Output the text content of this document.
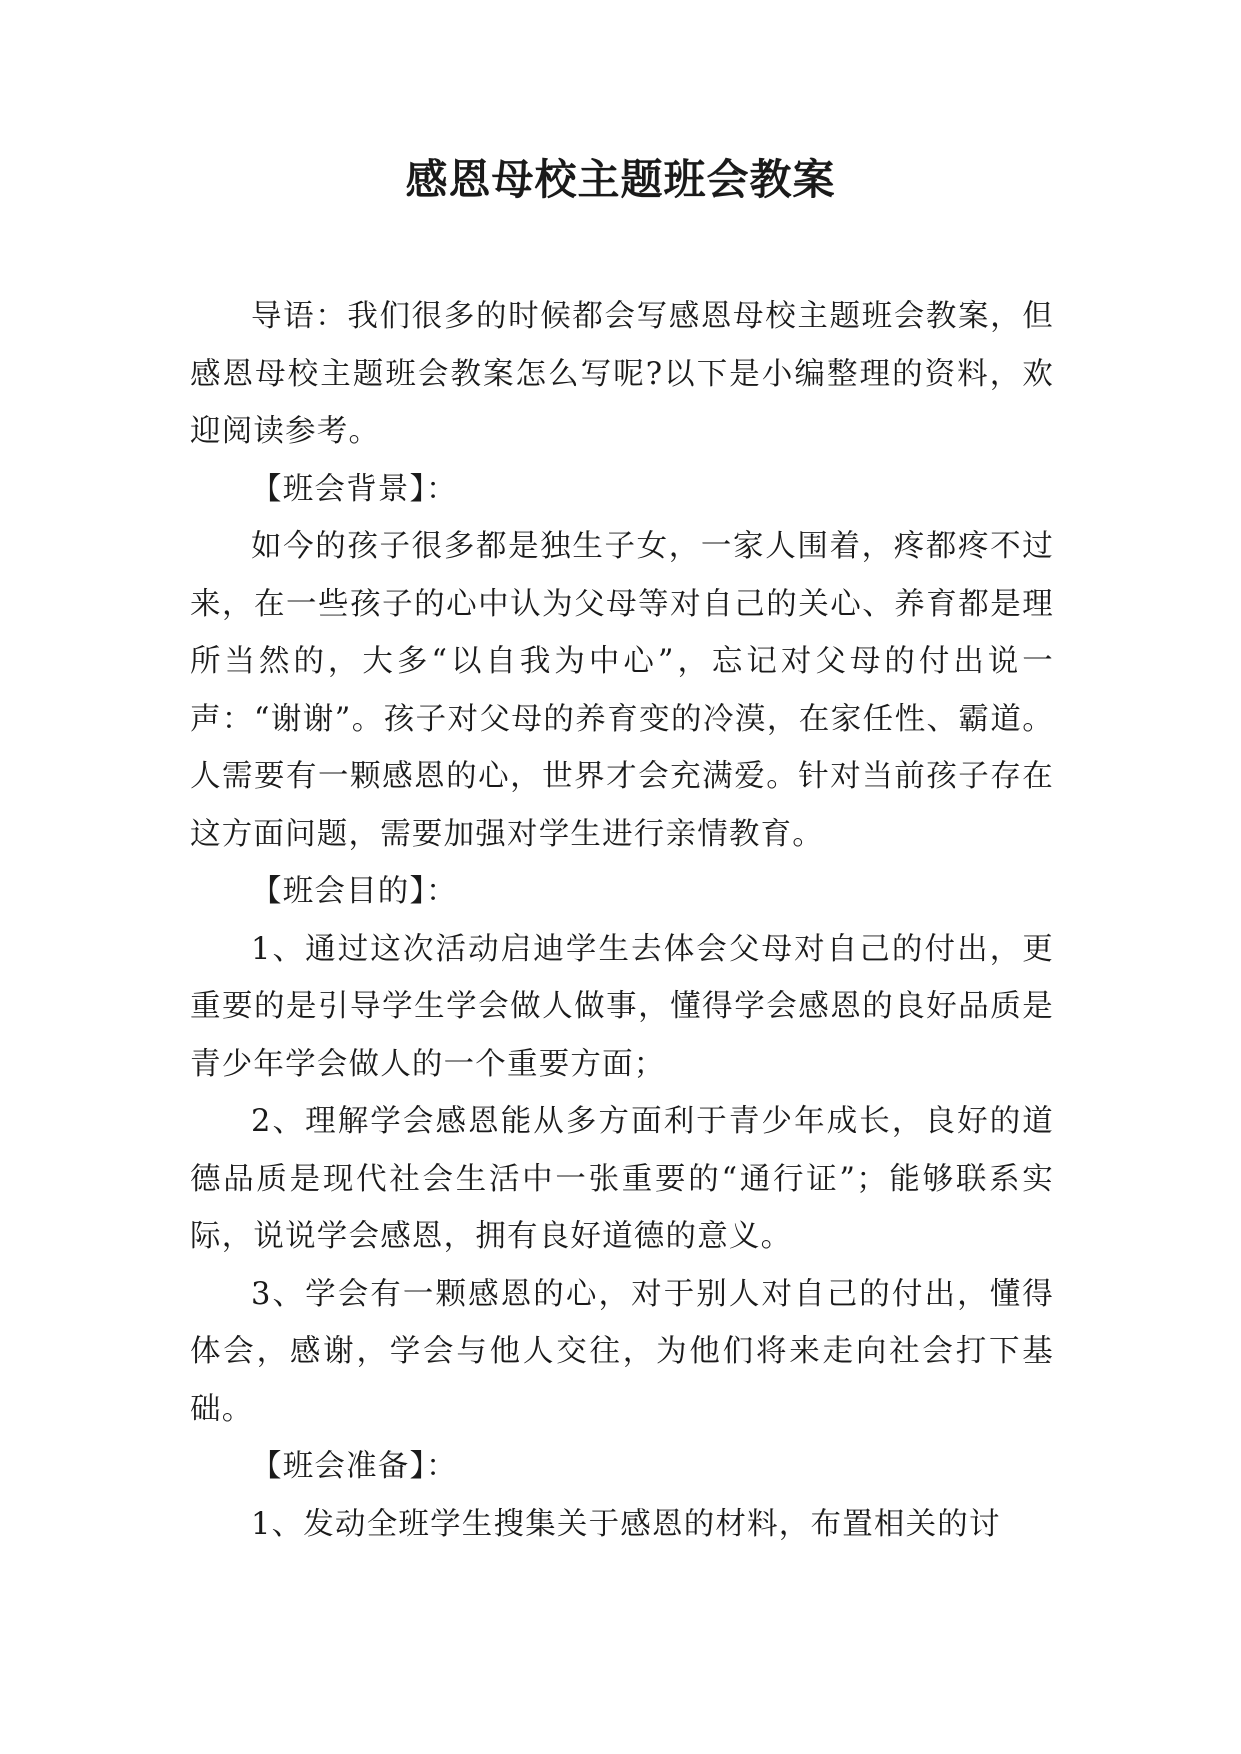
感恩母校主题班会教案

导语：我们很多的时候都会写感恩母校主题班会教案，但感恩母校主题班会教案怎么写呢?以下是小编整理的资料，欢迎阅读参考。

【班会背景】：

如今的孩子很多都是独生子女，一家人围着，疼都疼不过来，在一些孩子的心中认为父母等对自己的关心、养育都是理所当然的，大多“以自我为中心”，忘记对父母的付出说一声：“谢谢”。孩子对父母的养育变的冷漠，在家任性、霸道。人需要有一颗感恩的心，世界才会充满爱。针对当前孩子存在这方面问题，需要加强对学生进行亲情教育。

【班会目的】：

1、通过这次活动启迪学生去体会父母对自己的付出，更重要的是引导学生学会做人做事，懂得学会感恩的良好品质是青少年学会做人的一个重要方面；

2、理解学会感恩能从多方面利于青少年成长，良好的道德品质是现代社会生活中一张重要的“通行证”；能够联系实际，说说学会感恩，拥有良好道德的意义。

3、学会有一颗感恩的心，对于别人对自己的付出，懂得体会，感谢，学会与他人交往，为他们将来走向社会打下基础。

【班会准备】：

1、发动全班学生搜集关于感恩的材料，布置相关的讨
